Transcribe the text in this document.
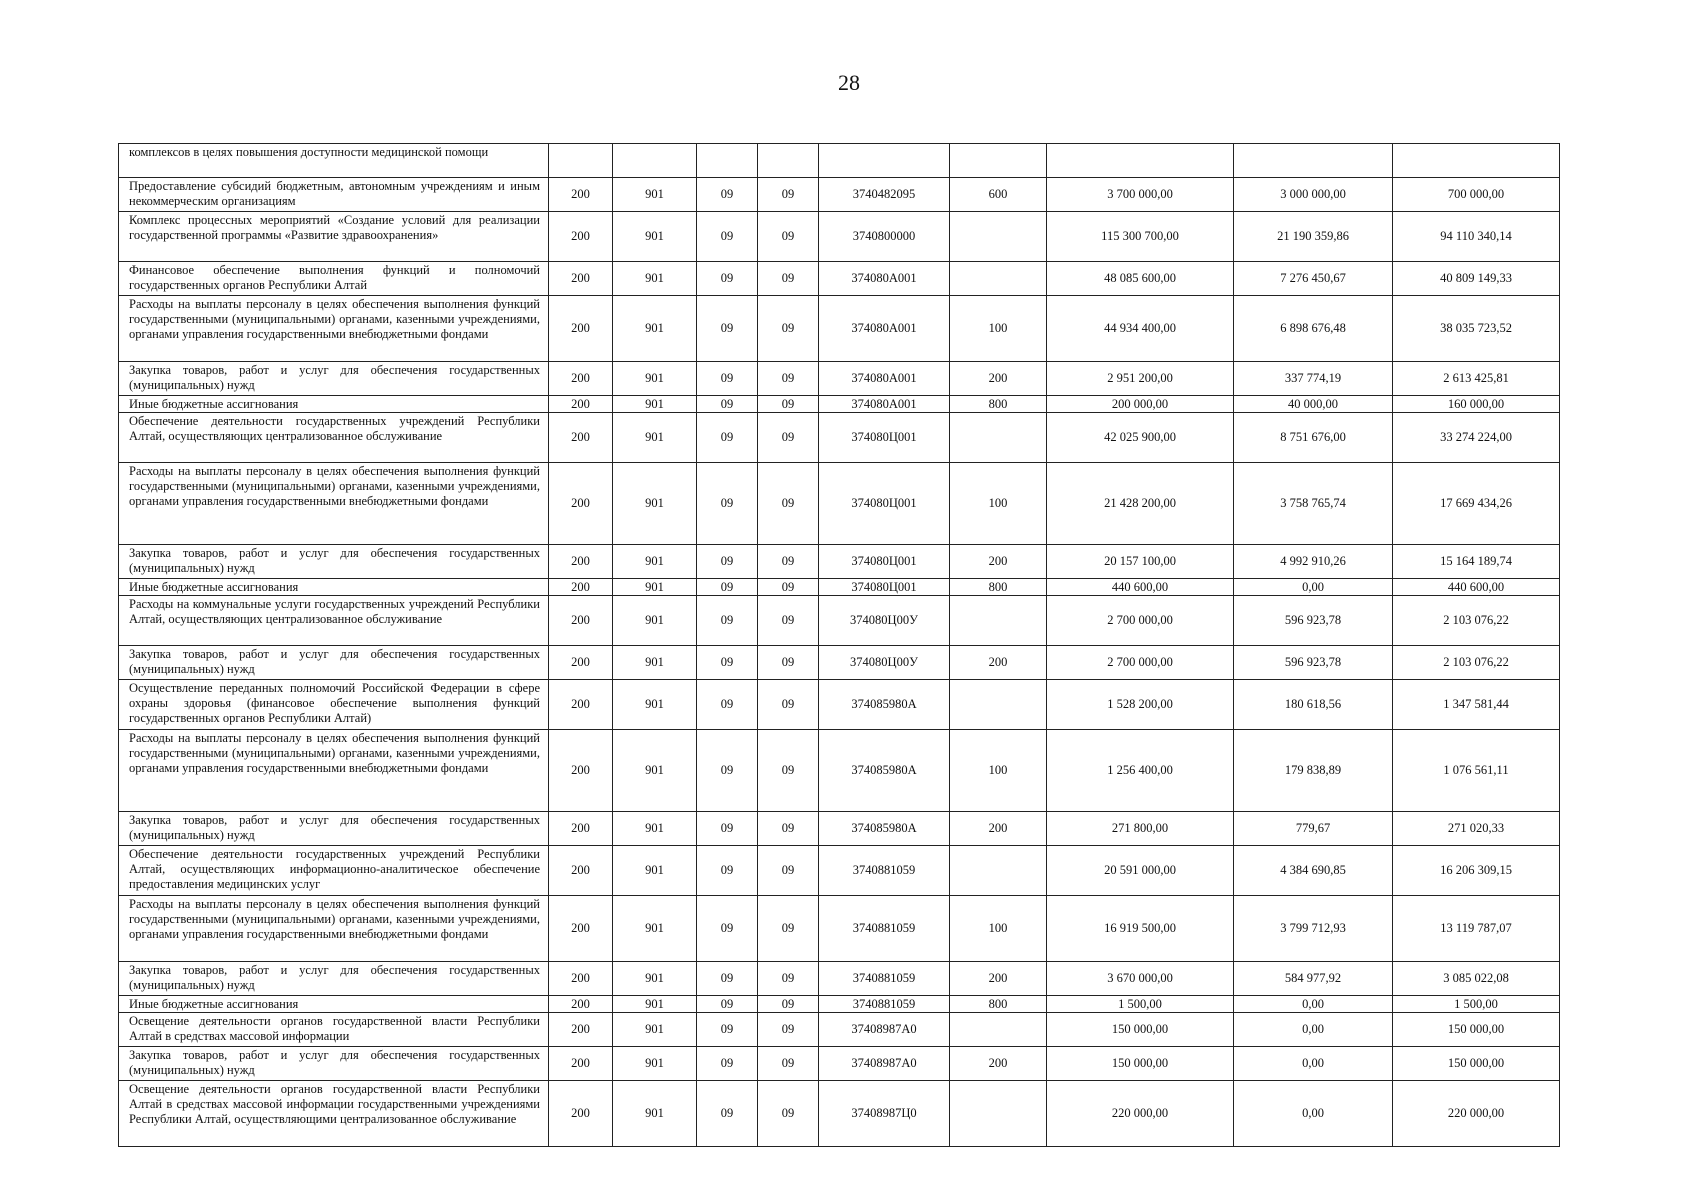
28
комплексов в целях повышения доступности медицинской помощи									
Предоставление субсидий бюджетным, автономным учреждениям и иным некоммерческим организациям	200	901	09	09	3740482095	600	3 700 000,00	3 000 000,00	700 000,00
Комплекс процессных мероприятий «Создание условий для реализации государственной программы «Развитие здравоохранения»	200	901	09	09	3740800000		115 300 700,00	21 190 359,86	94 110 340,14
Финансовое обеспечение выполнения функций и полномочий государственных органов Республики Алтай	200	901	09	09	374080А001		48 085 600,00	7 276 450,67	40 809 149,33
Расходы на выплаты персоналу в целях обеспечения выполнения функций государственными (муниципальными) органами, казенными учреждениями, органами управления государственными внебюджетными фондами	200	901	09	09	374080А001	100	44 934 400,00	6 898 676,48	38 035 723,52
Закупка товаров, работ и услуг для обеспечения государственных (муниципальных) нужд	200	901	09	09	374080А001	200	2 951 200,00	337 774,19	2 613 425,81
Иные бюджетные ассигнования	200	901	09	09	374080А001	800	200 000,00	40 000,00	160 000,00
Обеспечение деятельности государственных учреждений Республики Алтай, осуществляющих централизованное обслуживание	200	901	09	09	374080Ц001		42 025 900,00	8 751 676,00	33 274 224,00
Расходы на выплаты персоналу в целях обеспечения выполнения функций государственными (муниципальными) органами, казенными учреждениями, органами управления государственными внебюджетными фондами	200	901	09	09	374080Ц001	100	21 428 200,00	3 758 765,74	17 669 434,26
Закупка товаров, работ и услуг для обеспечения государственных (муниципальных) нужд	200	901	09	09	374080Ц001	200	20 157 100,00	4 992 910,26	15 164 189,74
Иные бюджетные ассигнования	200	901	09	09	374080Ц001	800	440 600,00	0,00	440 600,00
Расходы на коммунальные услуги государственных учреждений Республики Алтай, осуществляющих централизованное обслуживание	200	901	09	09	374080Ц00У		2 700 000,00	596 923,78	2 103 076,22
Закупка товаров, работ и услуг для обеспечения государственных (муниципальных) нужд	200	901	09	09	374080Ц00У	200	2 700 000,00	596 923,78	2 103 076,22
Осуществление переданных полномочий Российской Федерации в сфере охраны здоровья (финансовое обеспечение выполнения функций государственных органов Республики Алтай)	200	901	09	09	374085980А		1 528 200,00	180 618,56	1 347 581,44
Расходы на выплаты персоналу в целях обеспечения выполнения функций государственными (муниципальными) органами, казенными учреждениями, органами управления государственными внебюджетными фондами	200	901	09	09	374085980А	100	1 256 400,00	179 838,89	1 076 561,11
Закупка товаров, работ и услуг для обеспечения государственных (муниципальных) нужд	200	901	09	09	374085980А	200	271 800,00	779,67	271 020,33
Обеспечение деятельности государственных учреждений Республики Алтай, осуществляющих информационно-аналитическое обеспечение предоставления медицинских услуг	200	901	09	09	3740881059		20 591 000,00	4 384 690,85	16 206 309,15
Расходы на выплаты персоналу в целях обеспечения выполнения функций государственными (муниципальными) органами, казенными учреждениями, органами управления государственными внебюджетными фондами	200	901	09	09	3740881059	100	16 919 500,00	3 799 712,93	13 119 787,07
Закупка товаров, работ и услуг для обеспечения государственных (муниципальных) нужд	200	901	09	09	3740881059	200	3 670 000,00	584 977,92	3 085 022,08
Иные бюджетные ассигнования	200	901	09	09	3740881059	800	1 500,00	0,00	1 500,00
Освещение деятельности органов государственной власти Республики Алтай в средствах массовой информации	200	901	09	09	37408987А0		150 000,00	0,00	150 000,00
Закупка товаров, работ и услуг для обеспечения государственных (муниципальных) нужд	200	901	09	09	37408987А0	200	150 000,00	0,00	150 000,00
Освещение деятельности органов государственной власти Республики Алтай в средствах массовой информации государственными учреждениями Республики Алтай, осуществляющими централизованное обслуживание	200	901	09	09	37408987Ц0		220 000,00	0,00	220 000,00
